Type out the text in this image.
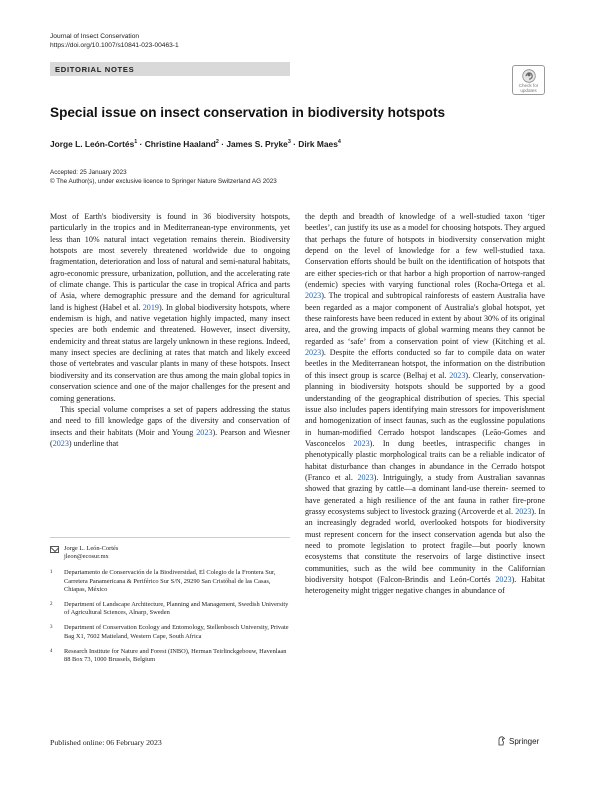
Journal of Insect Conservation
https://doi.org/10.1007/s10841-023-00463-1
EDITORIAL NOTES
Check for
updates
Special issue on insect conservation in biodiversity hotspots
Jorge L. León‑Cortés$^1$ · Christine Haaland$^2$ · James S. Pryke$^3$ · Dirk Maes$^4$
Accepted: 25 January 2023
© The Author(s), under exclusive licence to Springer Nature Switzerland AG 2023

Most of Earth's biodiversity is found in 36 biodiversity hotspots, particularly in the tropics and in Mediterranean-type environments, yet less than 10% natural intact vegetation remains therein. Biodiversity hotspots are most severely threatened worldwide due to ongoing fragmentation, deterioration and loss of natural and semi-natural habitats, agro-economic pressure, urbanization, pollution, and the accelerating rate of climate change. This is particular the case in tropical Africa and parts of Asia, where demographic pressure and the demand for agricultural land is highest (Habel et al. 2019). In global biodiversity hotspots, where endemism is high, and native vegetation highly impacted, many insect species are both endemic and threatened. However, insect diversity, endemicity and threat status are largely unknown in these regions. Indeed, many insect species are declining at rates that match and likely exceed those of vertebrates and vascular plants in many of these hotspots. Insect biodiversity and its conservation are thus among the main global topics in conservation science and one of the major challenges for the present and coming generations.

This special volume comprises a set of papers addressing the status and need to fill knowledge gaps of the diversity and conservation of insects and their habitats (Moir and Young 2023). Pearson and Wiesner (2023) underline that

the depth and breadth of knowledge of a well-studied taxon ‘tiger beetles’, can justify its use as a model for choosing hotspots. They argued that perhaps the future of hotspots in biodiversity conservation might depend on the level of knowledge for a few well-studied taxa. Conservation efforts should be built on the identification of hotspots that are either species-rich or that harbor a high proportion of narrow-ranged (endemic) species with varying functional roles (Rocha-Ortega et al. 2023). The tropical and subtropical rainforests of eastern Australia have been regarded as a major component of Australia's global hotspot, yet these rainforests have been reduced in extent by about 30% of its original area, and the growing impacts of global warming means they cannot be regarded as ‘safe’ from a conservation point of view (Kitching et al. 2023). Despite the efforts conducted so far to compile data on water beetles in the Mediterranean hotspot, the information on the distribution of this insect group is scarce (Belhaj et al. 2023). Clearly, conservation-planning in biodiversity hotspots should be supported by a good understanding of the geographical distribution of species. This special issue also includes papers identifying main stressors for impoverishment and homogenization of insect faunas, such as the euglossine populations in human-modified Cerrado hotspot landscapes (Leão-Gomes and Vasconcelos 2023). In dung beetles, intraspecific changes in phenotypically plastic morphological traits can be a reliable indicator of habitat disturbance than changes in abundance in the Cerrado hotspot (Franco et al. 2023). Intriguingly, a study from Australian savannas showed that grazing by cattle—a dominant land-use therein- seemed to have generated a high resilience of the ant fauna in rather fire-prone grassy ecosystems subject to livestock grazing (Arcoverde et al. 2023). In an increasingly degraded world, overlooked hotspots for biodiversity must represent concern for the insect conservation agenda but also the need to promote legislation to protect fragile—but poorly known ecosystems that constitute the reservoirs of large distinctive insect communities, such as the wild bee community in the Californian biodiversity hotspot (Falcon-Brindis and León-Cortés 2023). Habitat heterogeneity might trigger negative changes in abundance of

Jorge L. León‑Cortés
jleon@ecosur.mx
1	Departamento de Conservación de la Biodiversidad, El Colegio de la Frontera Sur, Carretera Panamericana & Periférico Sur S/N, 29290 San Cristóbal de las Casas, Chiapas, México
2	Department of Landscape Architecture, Planning and Management, Swedish University of Agricultural Sciences, Alnarp, Sweden
3	Department of Conservation Ecology and Entomology, Stellenbosch University, Private Bag X1, 7602 Matieland, Western Cape, South Africa
4	Research Institute for Nature and Forest (INBO), Herman Teirlinckgebouw, Havenlaan 88 Box 73, 1000 Brussels, Belgium
Published online: 06 February 2023	Springer
